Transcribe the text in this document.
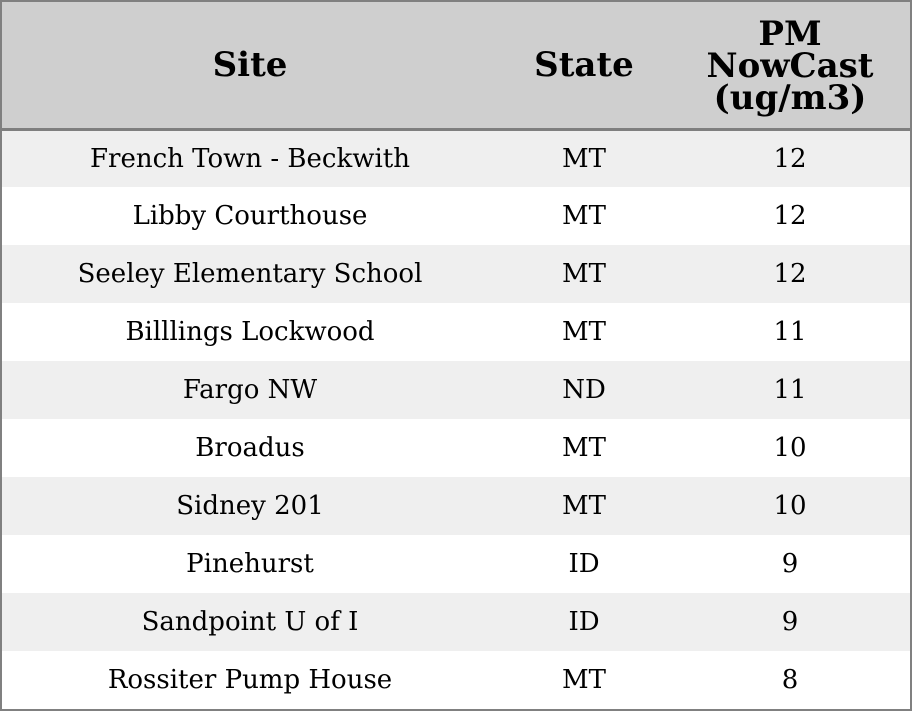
Site	State	PM
NowCast
(ug/m3)
French Town - Beckwith	MT	12
Libby Courthouse	MT	12
Seeley Elementary School	MT	12
Billlings Lockwood	MT	11
Fargo NW	ND	11
Broadus	MT	10
Sidney 201	MT	10
Pinehurst	ID	9
Sandpoint U of I	ID	9
Rossiter Pump House	MT	8
